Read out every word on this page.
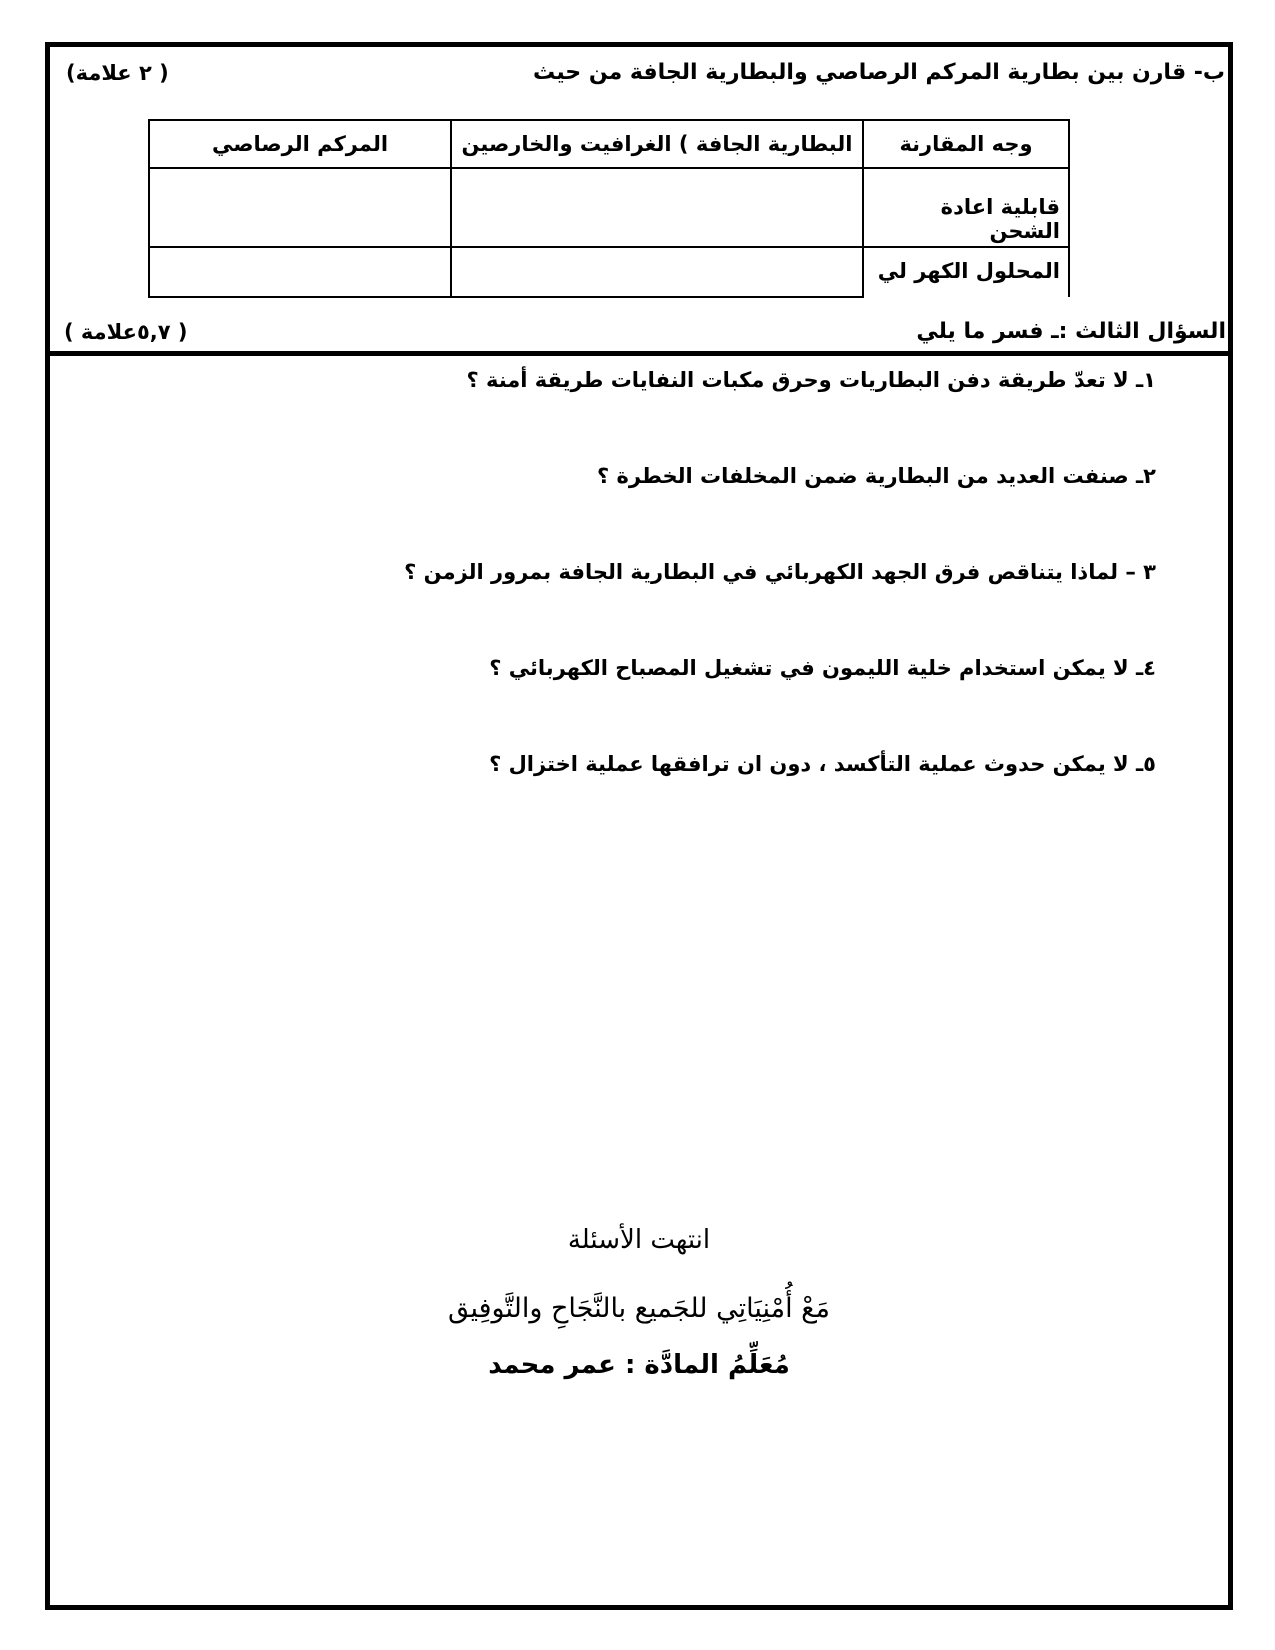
ب- قارن بين بطارية المركم الرصاصي والبطارية الجافة من حيث
(٢ علامة )
وجه المقارنة	البطارية الجافة ‎(‎ الغرافيت والخارصين	المركم الرصاصي
قابلية اعادة الشحن		
المحلول الكهر لي		
السؤال الثالث :ـ فسر ما يلي
( ٥,٧علامة )
١ـ لا تعدّ طريقة دفن البطاريات وحرق مكبات النفايات طريقة أمنة ؟
٢ـ صنفت العديد من البطارية ضمن المخلفات الخطرة ؟
٣ – لماذا يتناقص فرق الجهد الكهربائي في البطارية الجافة بمرور الزمن ؟
٤ـ لا يمكن استخدام خلية الليمون في تشغيل المصباح الكهربائي ؟
٥ـ لا يمكن حدوث عملية التأكسد ، دون ان ترافقها عملية اختزال ؟
انتهت الأسئلة
مَعْ أُمْنِيَاتِي للجَميع بالنَّجَاحِ والتَّوفِيق
مُعَلِّمُ المادَّة : عمر محمد
